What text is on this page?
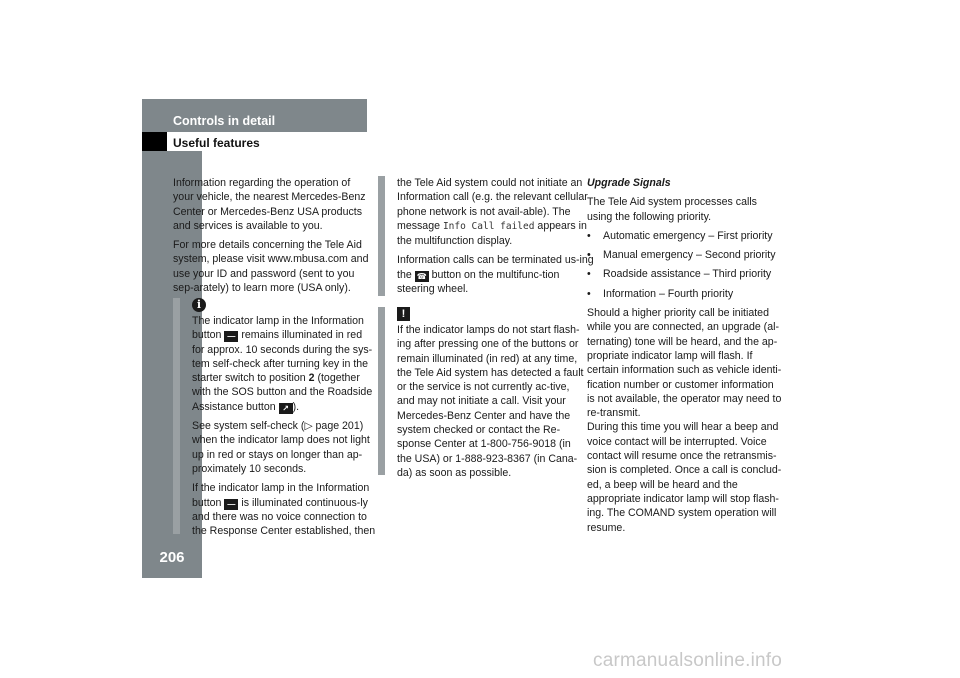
Controls in detail
Useful features
206

Information regarding the operation of your vehicle, the nearest Mercedes-Benz Center or Mercedes-Benz USA products and services is available to you.

For more details concerning the Tele Aid system, please visit www.mbusa.com and use your ID and password (sent to you sep-arately) to learn more (USA only).

i

The indicator lamp in the Information button — remains illuminated in red for approx. 10 seconds during the sys-tem self-check after turning key in the starter switch to position 2 (together with the SOS button and the Roadside Assistance button ↗ ).

See system self-check (▷ page 201) when the indicator lamp does not light up in red or stays on longer than ap-proximately 10 seconds.

If the indicator lamp in the Information button — is illuminated continuous-ly and there was no voice connection to the Response Center established, then

the Tele Aid system could not initiate an Information call (e.g. the relevant cellular phone network is not avail-able). The message Info Call failed appears in the multifunction display.

Information calls can be terminated us-ing the ☎ button on the multifunc-tion steering wheel.

!

If the indicator lamps do not start flash-ing after pressing one of the buttons or remain illuminated (in red) at any time, the Tele Aid system has detected a fault or the service is not currently ac-tive, and may not initiate a call. Visit your Mercedes-Benz Center and have the system checked or contact the Re-sponse Center at 1-800-756-9018 (in the USA) or 1-888-923-8367 (in Cana-da) as soon as possible.

Upgrade Signals

The Tele Aid system processes calls using the following priority.

• Automatic emergency – First priority
• Manual emergency – Second priority
• Roadside assistance – Third priority
• Information – Fourth priority

Should a higher priority call be initiated while you are connected, an upgrade (al-ternating) tone will be heard, and the ap-propriate indicator lamp will flash. If certain information such as vehicle identi-fication number or customer information is not available, the operator may need to re-transmit.

During this time you will hear a beep and voice contact will be interrupted. Voice contact will resume once the retransmis-sion is completed. Once a call is conclud-ed, a beep will be heard and the appropriate indicator lamp will stop flash-ing. The COMAND system operation will resume.

carmanualsonline.info
